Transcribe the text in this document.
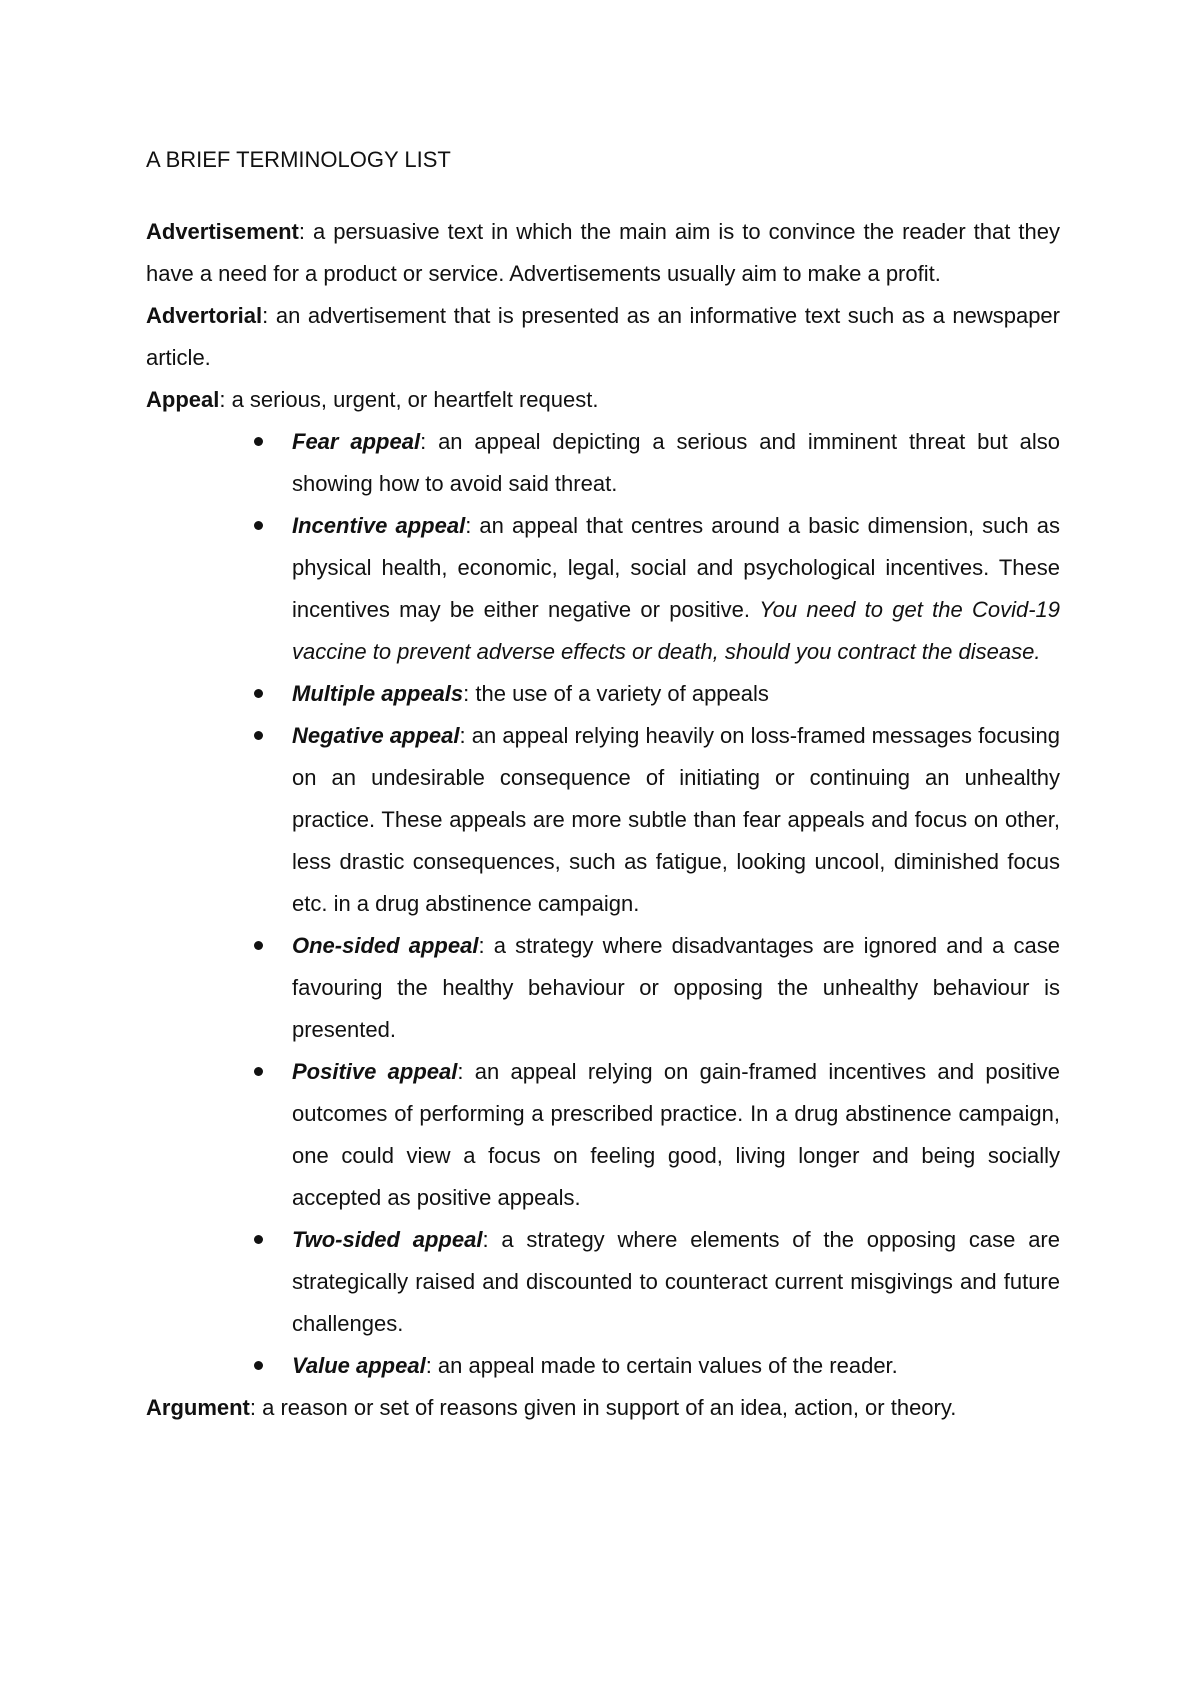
A BRIEF TERMINOLOGY LIST

Advertisement: a persuasive text in which the main aim is to convince the reader that they have a need for a product or service. Advertisements usually aim to make a profit.

Advertorial: an advertisement that is presented as an informative text such as a newspaper article.

Appeal: a serious, urgent, or heartfelt request.

Fear appeal: an appeal depicting a serious and imminent threat but also showing how to avoid said threat.
Incentive appeal: an appeal that centres around a basic dimension, such as physical health, economic, legal, social and psychological incentives. These incentives may be either negative or positive. You need to get the Covid-19 vaccine to prevent adverse effects or death, should you contract the disease.
Multiple appeals: the use of a variety of appeals
Negative appeal: an appeal relying heavily on loss-framed messages focusing on an undesirable consequence of initiating or continuing an unhealthy practice. These appeals are more subtle than fear appeals and focus on other, less drastic consequences, such as fatigue, looking uncool, diminished focus etc. in a drug abstinence campaign.
One-sided appeal: a strategy where disadvantages are ignored and a case favouring the healthy behaviour or opposing the unhealthy behaviour is presented.
Positive appeal: an appeal relying on gain-framed incentives and positive outcomes of performing a prescribed practice. In a drug abstinence campaign, one could view a focus on feeling good, living longer and being socially accepted as positive appeals.
Two-sided appeal: a strategy where elements of the opposing case are strategically raised and discounted to counteract current misgivings and future challenges.
Value appeal: an appeal made to certain values of the reader.

Argument: a reason or set of reasons given in support of an idea, action, or theory.
